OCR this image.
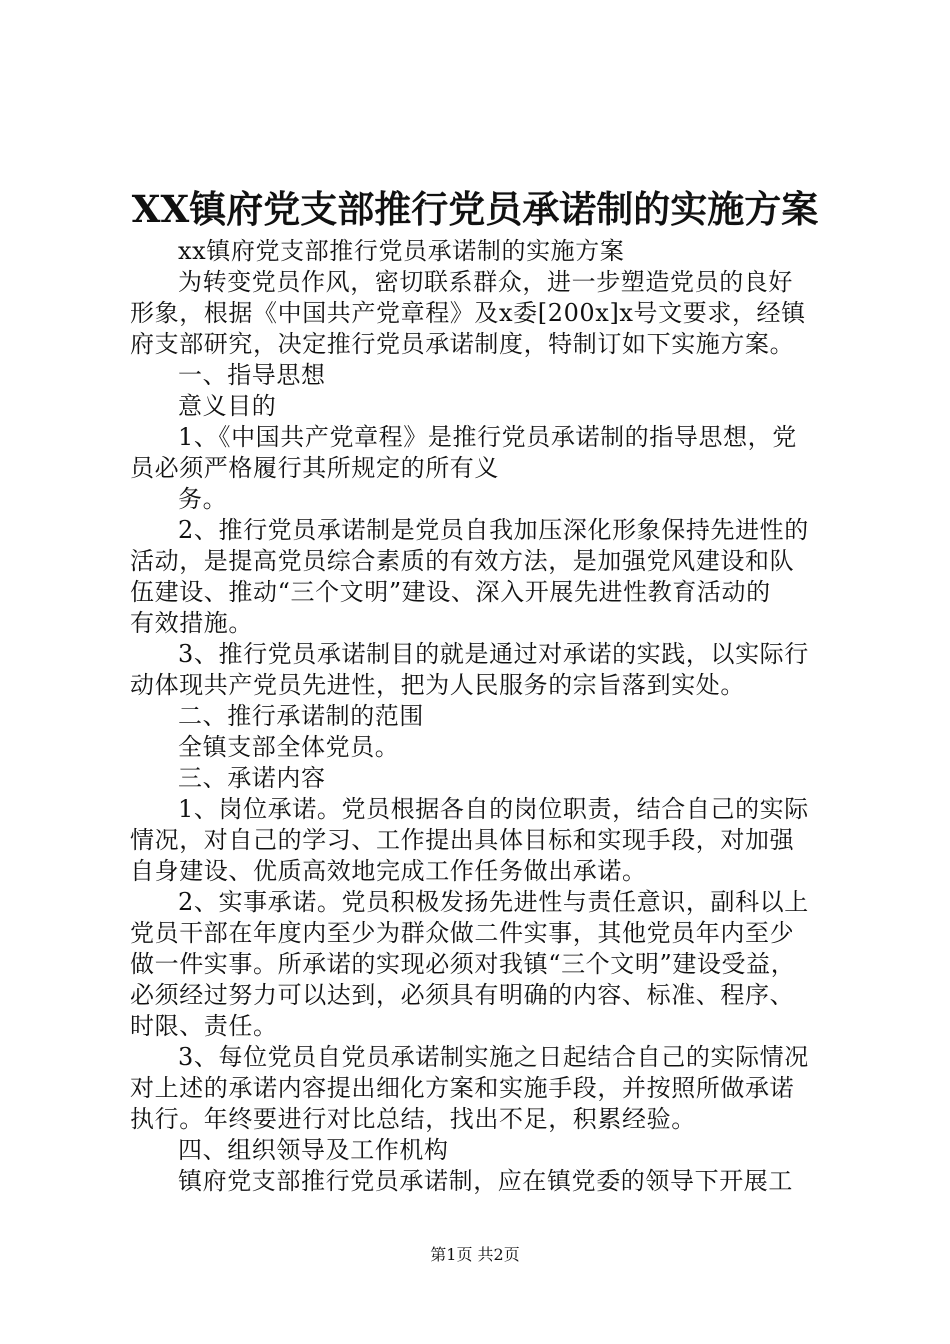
XX镇府党支部推行党员承诺制的实施方案
xx镇府党支部推行党员承诺制的实施方案
为转变党员作风，密切联系群众，进一步塑造党员的良好
形象，根据《中国共产党章程》及x委[200x]x号文要求，经镇
府支部研究，决定推行党员承诺制度，特制订如下实施方案。
一、指导思想
意义目的
1、《中国共产党章程》是推行党员承诺制的指导思想，党
员必须严格履行其所规定的所有义
务。
2、推行党员承诺制是党员自我加压深化形象保持先进性的
活动，是提高党员综合素质的有效方法，是加强党风建设和队
伍建设、推动“三个文明”建设、深入开展先进性教育活动的
有效措施。
3、推行党员承诺制目的就是通过对承诺的实践，以实际行
动体现共产党员先进性，把为人民服务的宗旨落到实处。
二、推行承诺制的范围
全镇支部全体党员。
三、承诺内容
1、岗位承诺。党员根据各自的岗位职责，结合自己的实际
情况，对自己的学习、工作提出具体目标和实现手段，对加强
自身建设、优质高效地完成工作任务做出承诺。
2、实事承诺。党员积极发扬先进性与责任意识，副科以上
党员干部在年度内至少为群众做二件实事，其他党员年内至少
做一件实事。所承诺的实现必须对我镇“三个文明”建设受益，
必须经过努力可以达到，必须具有明确的内容、标准、程序、
时限、责任。
3、每位党员自党员承诺制实施之日起结合自己的实际情况
对上述的承诺内容提出细化方案和实施手段，并按照所做承诺
执行。年终要进行对比总结，找出不足，积累经验。
四、组织领导及工作机构
镇府党支部推行党员承诺制，应在镇党委的领导下开展工
第1页 共2页
